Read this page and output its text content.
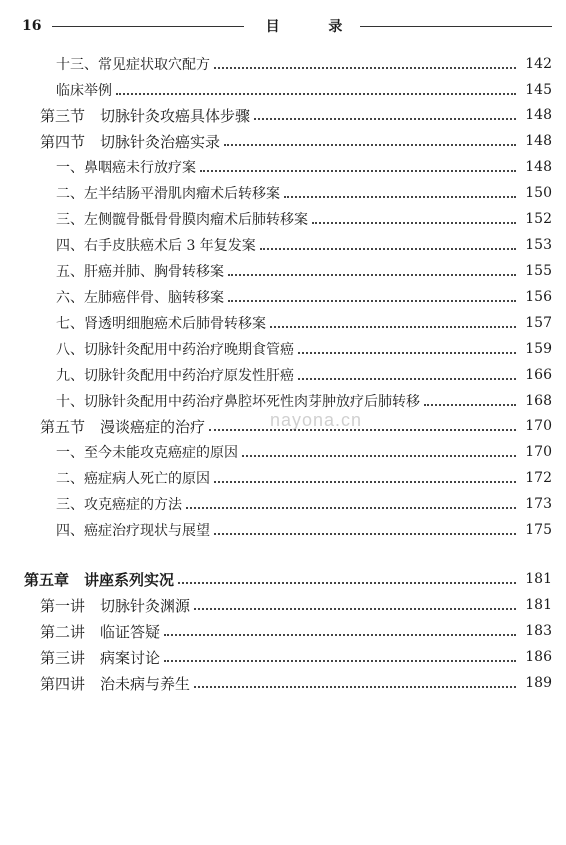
16	目 录
十三、常见症状取穴配方	142
临床举例	145
第三节　切脉针灸攻癌具体步骤	148
第四节　切脉针灸治癌实录	148
一、鼻咽癌未行放疗案	148
二、左半结肠平滑肌肉瘤术后转移案	150
三、左侧髋骨骶骨骨膜肉瘤术后肺转移案	152
四、右手皮肤癌术后 3 年复发案	153
五、肝癌并肺、胸骨转移案	155
六、左肺癌伴骨、脑转移案	156
七、肾透明细胞癌术后肺骨转移案	157
八、切脉针灸配用中药治疗晚期食管癌	159
九、切脉针灸配用中药治疗原发性肝癌	166
十、切脉针灸配用中药治疗鼻腔坏死性肉芽肿放疗后肺转移	168
第五节　漫谈癌症的治疗	170
一、至今未能攻克癌症的原因	170
二、癌症病人死亡的原因	172
三、攻克癌症的方法	173
四、癌症治疗现状与展望	175
第五章　讲座系列实况	181
第一讲　切脉针灸渊源	181
第二讲　临证答疑	183
第三讲　病案讨论	186
第四讲　治未病与养生	189
nayona.cn
